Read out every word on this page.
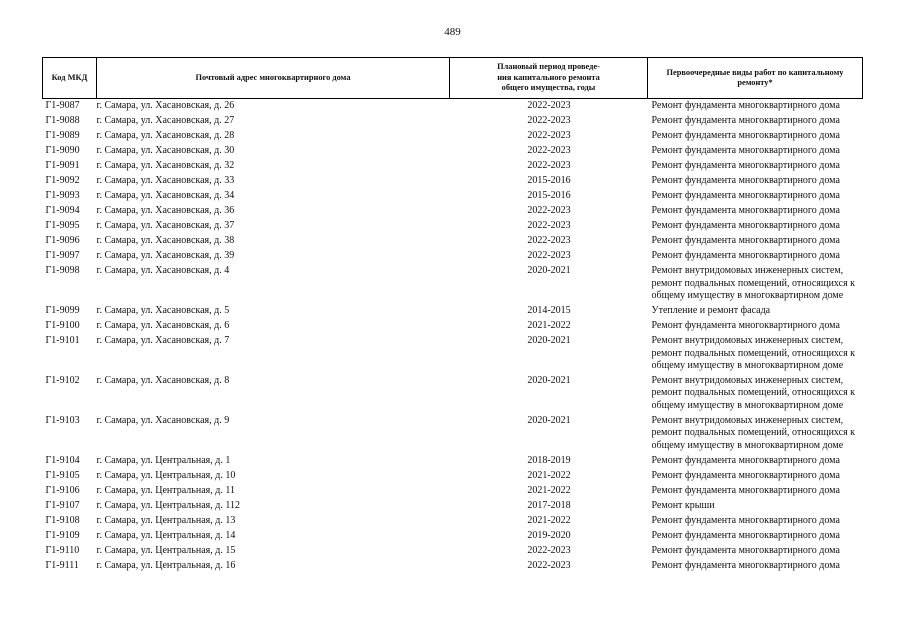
489
Код МКД	Почтовый адрес многоквартирного дома	Плановый период проведе-
ния капитального ремонта
общего имущества, годы	Первоочередные виды работ по капитальному
ремонту*

Г1-9087	г. Самара, ул. Хасановская, д. 26	2022-2023	Ремонт фундамента многоквартирного дома

Г1-9088	г. Самара, ул. Хасановская, д. 27	2022-2023	Ремонт фундамента многоквартирного дома

Г1-9089	г. Самара, ул. Хасановская, д. 28	2022-2023	Ремонт фундамента многоквартирного дома

Г1-9090	г. Самара, ул. Хасановская, д. 30	2022-2023	Ремонт фундамента многоквартирного дома

Г1-9091	г. Самара, ул. Хасановская, д. 32	2022-2023	Ремонт фундамента многоквартирного дома

Г1-9092	г. Самара, ул. Хасановская, д. 33	2015-2016	Ремонт фундамента многоквартирного дома

Г1-9093	г. Самара, ул. Хасановская, д. 34	2015-2016	Ремонт фундамента многоквартирного дома

Г1-9094	г. Самара, ул. Хасановская, д. 36	2022-2023	Ремонт фундамента многоквартирного дома

Г1-9095	г. Самара, ул. Хасановская, д. 37	2022-2023	Ремонт фундамента многоквартирного дома

Г1-9096	г. Самара, ул. Хасановская, д. 38	2022-2023	Ремонт фундамента многоквартирного дома

Г1-9097	г. Самара, ул. Хасановская, д. 39	2022-2023	Ремонт фундамента многоквартирного дома

Г1-9098	г. Самара, ул. Хасановская, д. 4	2020-2021	Ремонт внутридомовых инженерных систем,
ремонт подвальных помещений, относящихся к
общему имуществу в многоквартирном доме

Г1-9099	г. Самара, ул. Хасановская, д. 5	2014-2015	Утепление и ремонт фасада

Г1-9100	г. Самара, ул. Хасановская, д. 6	2021-2022	Ремонт фундамента многоквартирного дома

Г1-9101	г. Самара, ул. Хасановская, д. 7	2020-2021	Ремонт внутридомовых инженерных систем,
ремонт подвальных помещений, относящихся к
общему имуществу в многоквартирном доме

Г1-9102	г. Самара, ул. Хасановская, д. 8	2020-2021	Ремонт внутридомовых инженерных систем,
ремонт подвальных помещений, относящихся к
общему имуществу в многоквартирном доме

Г1-9103	г. Самара, ул. Хасановская, д. 9	2020-2021	Ремонт внутридомовых инженерных систем,
ремонт подвальных помещений, относящихся к
общему имуществу в многоквартирном доме

Г1-9104	г. Самара, ул. Центральная, д. 1	2018-2019	Ремонт фундамента многоквартирного дома

Г1-9105	г. Самара, ул. Центральная, д. 10	2021-2022	Ремонт фундамента многоквартирного дома

Г1-9106	г. Самара, ул. Центральная, д. 11	2021-2022	Ремонт фундамента многоквартирного дома

Г1-9107	г. Самара, ул. Центральная, д. 112	2017-2018	Ремонт крыши

Г1-9108	г. Самара, ул. Центральная, д. 13	2021-2022	Ремонт фундамента многоквартирного дома

Г1-9109	г. Самара, ул. Центральная, д. 14	2019-2020	Ремонт фундамента многоквартирного дома

Г1-9110	г. Самара, ул. Центральная, д. 15	2022-2023	Ремонт фундамента многоквартирного дома

Г1-9111	г. Самара, ул. Центральная, д. 16	2022-2023	Ремонт фундамента многоквартирного дома
